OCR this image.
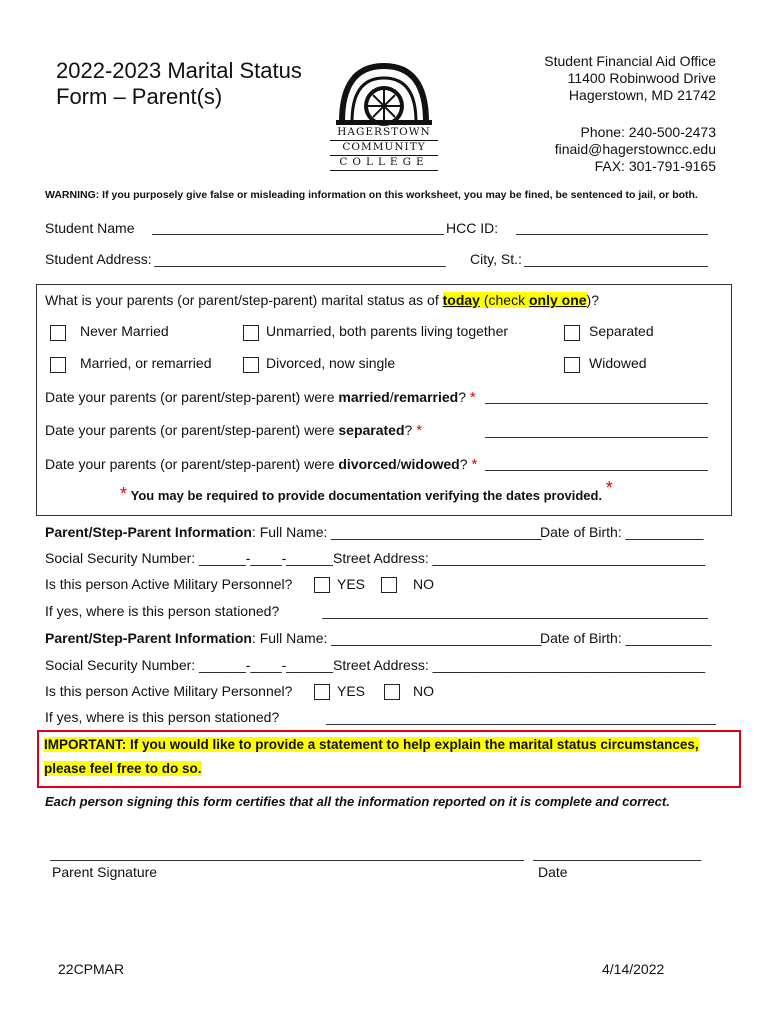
2022-2023 Marital Status Form – Parent(s)
HAGERSTOWN
COMMUNITY
COLLEGE
Student Financial Aid Office
11400 Robinwood Drive
Hagerstown, MD 21742
Phone: 240-500-2473
finaid@hagerstowncc.edu
FAX: 301-791-9165
WARNING: If you purposely give false or misleading information on this worksheet, you may be fined, be sentenced to jail, or both.
Student Name	HCC ID:
Student Address:	City, St.:
What is your parents (or parent/step-parent) marital status as of today (check only one)?
Never Married	Unmarried, both parents living together	Separated
Married, or remarried	Divorced, now single	Widowed
Date your parents (or parent/step-parent) were married/remarried? *
Date your parents (or parent/step-parent) were separated? *
Date your parents (or parent/step-parent) were divorced/widowed? *
* You may be required to provide documentation verifying the dates provided. *
Parent/Step-Parent Information: Full Name: ___________________________
Date of Birth: __________
Social Security Number: ______-____-______ Street Address: ___________________________________
Is this person Active Military Personnel?	YES	NO
If yes, where is this person stationed?
Parent/Step-Parent Information: Full Name: ___________________________
Date of Birth: ___________
Social Security Number: ______-____-______ Street Address: ___________________________________
Is this person Active Military Personnel?	YES	NO
If yes, where is this person stationed?
IMPORTANT: If you would like to provide a statement to help explain the marital status circumstances,
please feel free to do so.
Each person signing this form certifies that all the information reported on it is complete and correct.
Parent Signature	Date
22CPMAR	4/14/2022
